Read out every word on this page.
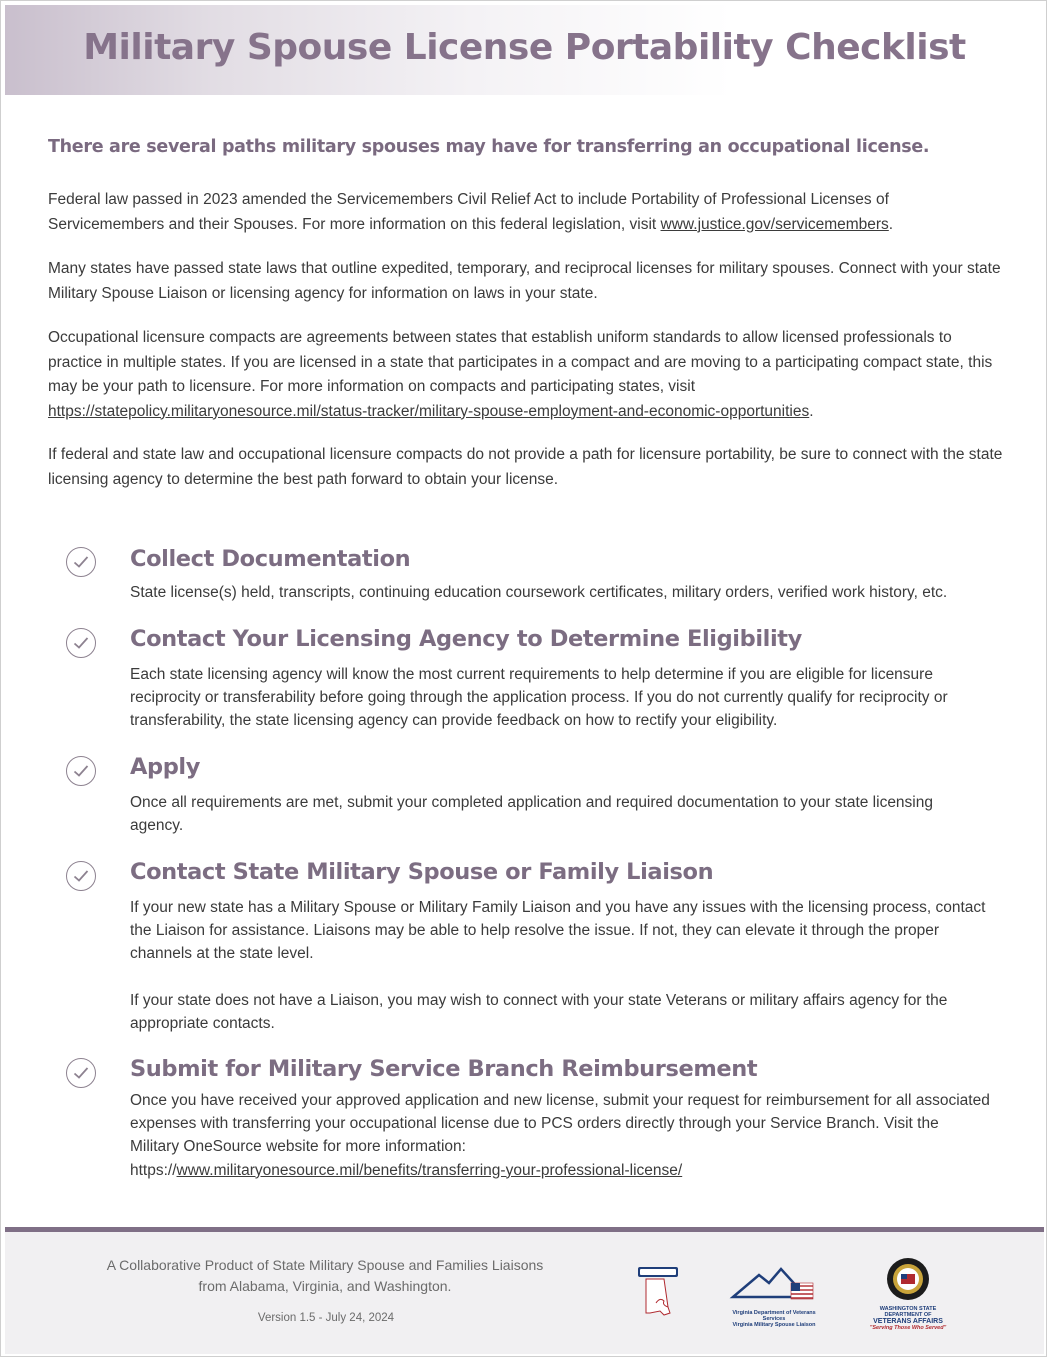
Military Spouse License Portability Checklist
There are several paths military spouses may have for transferring an occupational license.
Federal law passed in 2023 amended the Servicemembers Civil Relief Act to include Portability of Professional Licenses of Servicemembers and their Spouses. For more information on this federal legislation, visit www.justice.gov/servicemembers.
Many states have passed state laws that outline expedited, temporary, and reciprocal licenses for military spouses. Connect with your state Military Spouse Liaison or licensing agency for information on laws in your state.
Occupational licensure compacts are agreements between states that establish uniform standards to allow licensed professionals to practice in multiple states. If you are licensed in a state that participates in a compact and are moving to a participating compact state, this may be your path to licensure. For more information on compacts and participating states, visit https://statepolicy.militaryonesource.mil/status-tracker/military-spouse-employment-and-economic-opportunities.
If federal and state law and occupational licensure compacts do not provide a path for licensure portability, be sure to connect with the state licensing agency to determine the best path forward to obtain your license.
Collect Documentation
State license(s) held, transcripts, continuing education coursework certificates, military orders, verified work history, etc.
Contact Your Licensing Agency to Determine Eligibility
Each state licensing agency will know the most current requirements to help determine if you are eligible for licensure reciprocity or transferability before going through the application process. If you do not currently qualify for reciprocity or transferability, the state licensing agency can provide feedback on how to rectify your eligibility.
Apply
Once all requirements are met, submit your completed application and required documentation to your state licensing agency.
Contact State Military Spouse or Family Liaison
If your new state has a Military Spouse or Military Family Liaison and you have any issues with the licensing process, contact the Liaison for assistance. Liaisons may be able to help resolve the issue. If not, they can elevate it through the proper channels at the state level.
If your state does not have a Liaison, you may wish to connect with your state Veterans or military affairs agency for the appropriate contacts.
Submit for Military Service Branch Reimbursement
Once you have received your approved application and new license, submit your request for reimbursement for all associated expenses with transferring your occupational license due to PCS orders directly through your Service Branch. Visit the Military OneSource website for more information:
https://www.militaryonesource.mil/benefits/transferring-your-professional-license/
A Collaborative Product of State Military Spouse and Families Liaisons
from Alabama, Virginia, and Washington.
Version 1.5 - July 24, 2024	Virginia Department of Veterans Services
Virginia Military Spouse Liaison
WASHINGTON STATE DEPARTMENT OF
VETERANS AFFAIRS
"Serving Those Who Served"
